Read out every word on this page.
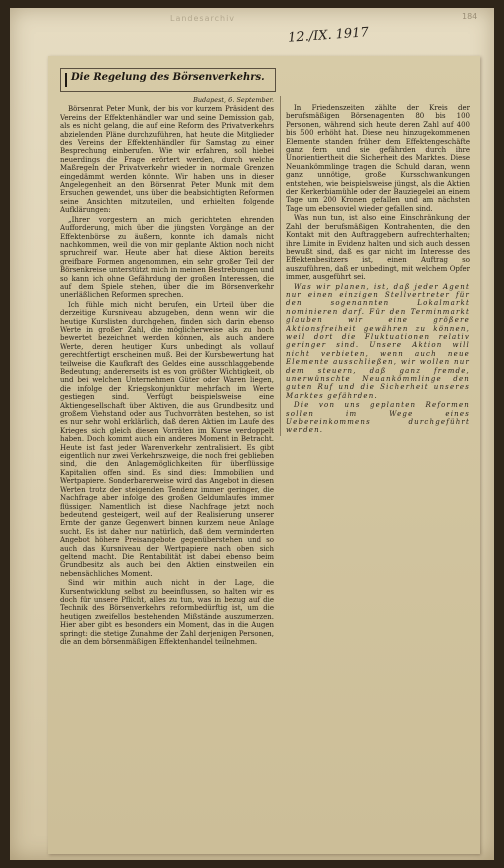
Landesarchiv
12./IX. 1917
184
Die Regelung des Börsenverkehrs.

Budapest, 6. September.

Börsenrat Peter Munk, der bis vor kurzem Präsident des Vereins der Effektenhändler war und seine Demission gab, als es nicht gelang, die auf eine Reform des Privatverkehrs abzielenden Pläne durchzuführen, hat heute die Mitglieder des Vereins der Effektenhändler für Samstag zu einer Besprechung einberufen. Wie wir erfahren, soll hiebei neuerdings die Frage erörtert werden, durch welche Maßregeln der Privatverkehr wieder in normale Grenzen eingedämmt werden könnte. Wir haben uns in dieser Angelegenheit an den Börsenrat Peter Munk mit dem Ersuchen gewendet, uns über die beabsichtigten Reformen seine Ansichten mitzuteilen, und erhielten folgende Aufklärungen:

„Ihrer vorgestern an mich gerichteten ehrenden Aufforderung, mich über die jüngsten Vorgänge an der Effektenbörse zu äußern, konnte ich damals nicht nachkommen, weil die von mir geplante Aktion noch nicht spruchreif war. Heute aber hat diese Aktion bereits greifbare Formen angenommen, ein sehr großer Teil der Börsenkreise unterstützt mich in meinen Bestrebungen und so kann ich ohne Gefährdung der großen Interessen, die auf dem Spiele stehen, über die im Börsenverkehr unerläßlichen Reformen sprechen.

Ich fühle mich nicht berufen, ein Urteil über die derzeitige Kursniveau abzugeben, denn wenn wir die heutige Kurslisten durchgehen, finden sich darin ebenso Werte in großer Zahl, die möglicherweise als zu hoch bewertet bezeichnet werden können, als auch andere Werte, deren heutiger Kurs unbedingt als vollauf gerechtfertigt erscheinen muß. Bei der Kursbewertung hat teilweise die Kaufkraft des Geldes eine ausschlaggebende Bedeutung; andererseits ist es von größter Wichtigkeit, ob und bei welchen Unternehmen Güter oder Waren liegen, die infolge der Kriegskonjunktur mehrfach im Werte gestiegen sind. Verfügt beispielsweise eine Aktiengesellschaft über Aktiven, die aus Grundbesitz und großem Viehstand oder aus Tuchvorräten bestehen, so ist es nur sehr wohl erklärlich, daß deren Aktien im Laufe des Krieges sich gleich diesen Vorräten im Kurse verdoppelt haben. Doch kommt auch ein anderes Moment in Betracht. Heute ist fast jeder Warenverkehr zentralisiert. Es gibt eigentlich nur zwei Verkehrszweige, die noch frei geblieben sind, die den Anlagemöglichkeiten für überflüssige Kapitalien offen sind. Es sind dies: Immobilien und Wertpapiere. Sonderbarerweise wird das Angebot in diesen Werten trotz der steigenden Tendenz immer geringer, die Nachfrage aber infolge des großen Geldumlaufes immer flüssiger. Namentlich ist diese Nachfrage jetzt noch bedeutend gesteigert, weil auf der Realisierung unserer Ernte der ganze Gegenwert binnen kurzem neue Anlage sucht. Es ist daher nur natürlich, daß dem verminderten Angebot höhere Preisangebote gegenüberstehen und so auch das Kursniveau der Wertpapiere nach oben sich geltend macht. Die Rentabilität ist dabei ebenso beim Grundbesitz als auch bei den Aktien einstweilen ein nebensächliches Moment.

Sind wir mithin auch nicht in der Lage, die Kursentwicklung selbst zu beeinflussen, so halten wir es doch für unsere Pflicht, alles zu tun, was in bezug auf die Technik des Börsenverkehrs reformbedürftig ist, um die heutigen zweifellos bestehenden Mißstände auszumerzen. Hier aber gibt es besonders ein Moment, das in die Augen springt: die stetige Zunahme der Zahl derjenigen Personen, die an dem börsenmäßigen Effektenhandel teilnehmen.

In Friedenszeiten zählte der Kreis der berufsmäßigen Börsenagenten 80 bis 100 Personen, während sich heute deren Zahl auf 400 bis 500 erhöht hat. Diese neu hinzugekommenen Elemente standen früher dem Effektengeschäfte ganz fern und sie gefährden durch ihre Unorientiertheit die Sicherheit des Marktes. Diese Neuankömmlinge tragen die Schuld daran, wenn ganz unnötige, große Kursschwankungen entstehen, wie beispielsweise jüngst, als die Aktien der Kerkerbiamühle oder der Bauziegelei an einem Tage um 200 Kronen gefallen und am nächsten Tage um ebensoviel wieder gefallen sind.

Was nun tun, ist also eine Einschränkung der Zahl der berufsmäßigen Kontrahenten, die den Kontakt mit den Auftraggebern aufrechterhalten; ihre Limite in Evidenz halten und sich auch dessen bewußt sind, daß es gar nicht im Interesse des Effektenbesitzers ist, einen Auftrag so auszuführen, daß er unbedingt, mit welchem Opfer immer, ausgeführt sei.

Was wir planen, ist, daß jeder Agent nur einen einzigen Stellvertreter für den sogenannten Lokalmarkt nominieren darf. Für den Terminmarkt glauben wir eine größere Aktionsfreiheit gewähren zu können, weil dort die Fluktuationen relativ geringer sind. Unsere Aktion will nicht verbieten, wenn auch neue Elemente ausschließen, wir wollen nur dem steuern, daß ganz fremde, unerwünschte Neuankömmlinge den guten Ruf und die Sicherheit unseres Marktes gefährden.

Die von uns geplanten Reformen sollen im Wege eines Uebereinkommens durchgeführt werden.
